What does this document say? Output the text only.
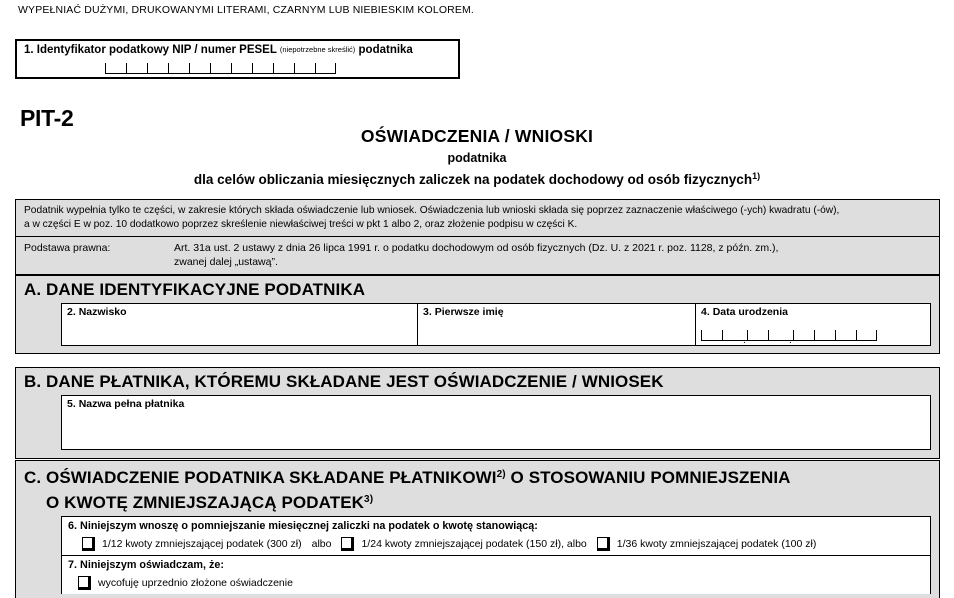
WYPEŁNIAĆ DUŻYMI, DRUKOWANYMI LITERAMI, CZARNYM LUB NIEBIESKIM KOLOREM.
1. Identyfikator podatkowy NIP / numer PESEL (niepotrzebne skreślić) podatnika
PIT-2
OŚWIADCZENIA / WNIOSKI
podatnika
dla celów obliczania miesięcznych zaliczek na podatek dochodowy od osób fizycznych$^{1)}$
Podatnik wypełnia tylko te części, w zakresie których składa oświadczenie lub wniosek. Oświadczenia lub wnioski składa się poprzez zaznaczenie właściwego (-ych) kwadratu (-ów),
a w części E w poz. 10 dodatkowo poprzez skreślenie niewłaściwej treści w pkt 1 albo 2, oraz złożenie podpisu w części K.
Podstawa prawna:	Art. 31a ust. 2 ustawy z dnia 26 lipca 1991 r. o podatku dochodowym od osób fizycznych (Dz. U. z 2021 r. poz. 1128, z późn. zm.),
zwanej dalej „ustawą”.
A. DANE IDENTYFIKACYJNE PODATNIKA
2. Nazwisko	3. Pierwsze imię	4. Data urodzenia
.
.
B. DANE PŁATNIKA, KTÓREMU SKŁADANE JEST OŚWIADCZENIE / WNIOSEK
5. Nazwa pełna płatnika
C. OŚWIADCZENIE PODATNIKA SKŁADANE PŁATNIKOWI$^{2)}$ O STOSOWANIU POMNIEJSZENIA
O KWOTĘ ZMNIEJSZAJĄCĄ PODATEK$^{3)}$
6. Niniejszym wnoszę o pomniejszanie miesięcznej zaliczki na podatek o kwotę stanowiącą:
1/12 kwoty zmniejszającej podatek (300 zł) albo	1/24 kwoty zmniejszającej podatek (150 zł), albo	1/36 kwoty zmniejszającej podatek (100 zł)
7. Niniejszym oświadczam, że:
wycofuję uprzednio złożone oświadczenie
